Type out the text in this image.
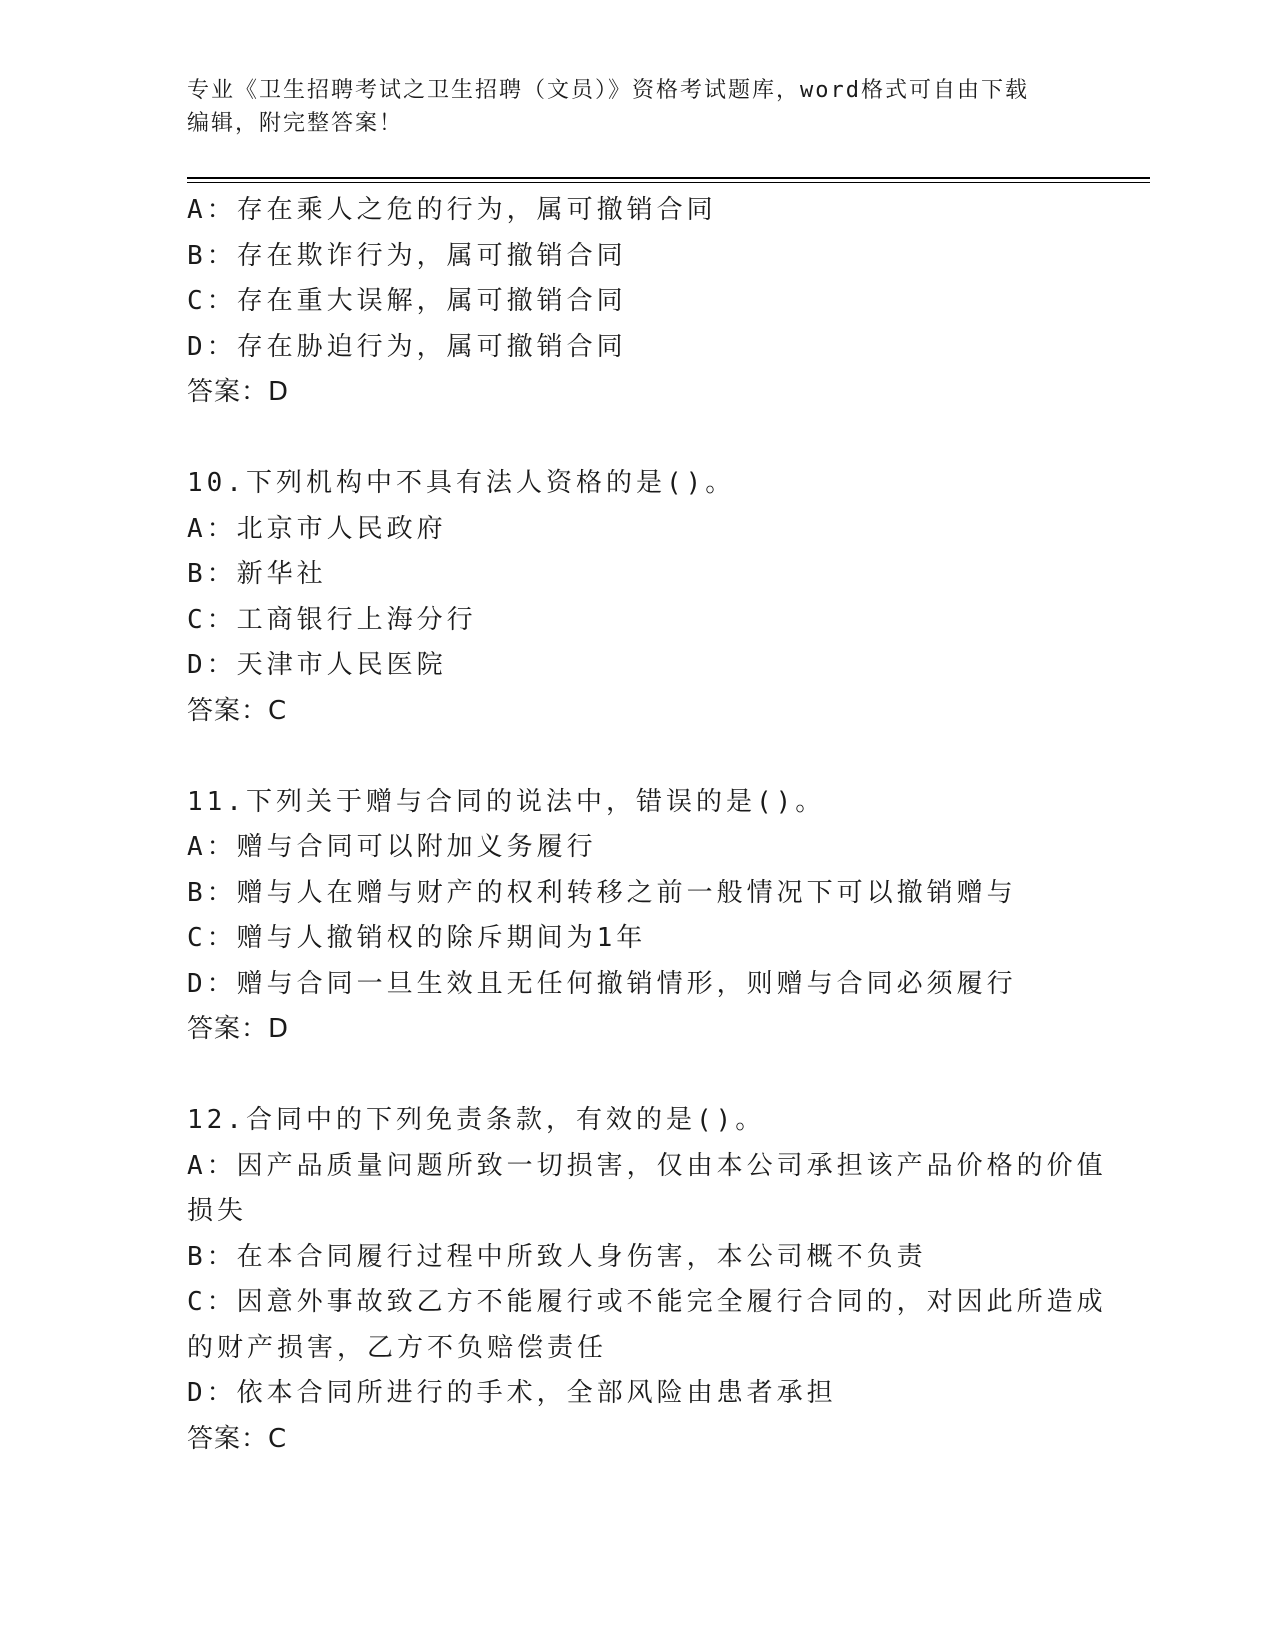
专业《卫生招聘考试之卫生招聘（文员）》资格考试题库，word格式可自由下载
编辑，附完整答案！
A：存在乘人之危的行为，属可撤销合同
B：存在欺诈行为，属可撤销合同
C：存在重大误解，属可撤销合同
D：存在胁迫行为，属可撤销合同
答案：D
10.下列机构中不具有法人资格的是()。
A：北京市人民政府
B：新华社
C：工商银行上海分行
D：天津市人民医院
答案：C
11.下列关于赠与合同的说法中，错误的是()。
A：赠与合同可以附加义务履行
B：赠与人在赠与财产的权利转移之前一般情况下可以撤销赠与
C：赠与人撤销权的除斥期间为1年
D：赠与合同一旦生效且无任何撤销情形，则赠与合同必须履行
答案：D
12.合同中的下列免责条款，有效的是()。
A：因产品质量问题所致一切损害，仅由本公司承担该产品价格的价值
损失
B：在本合同履行过程中所致人身伤害，本公司概不负责
C：因意外事故致乙方不能履行或不能完全履行合同的，对因此所造成
的财产损害，乙方不负赔偿责任
D：依本合同所进行的手术，全部风险由患者承担
答案：C
